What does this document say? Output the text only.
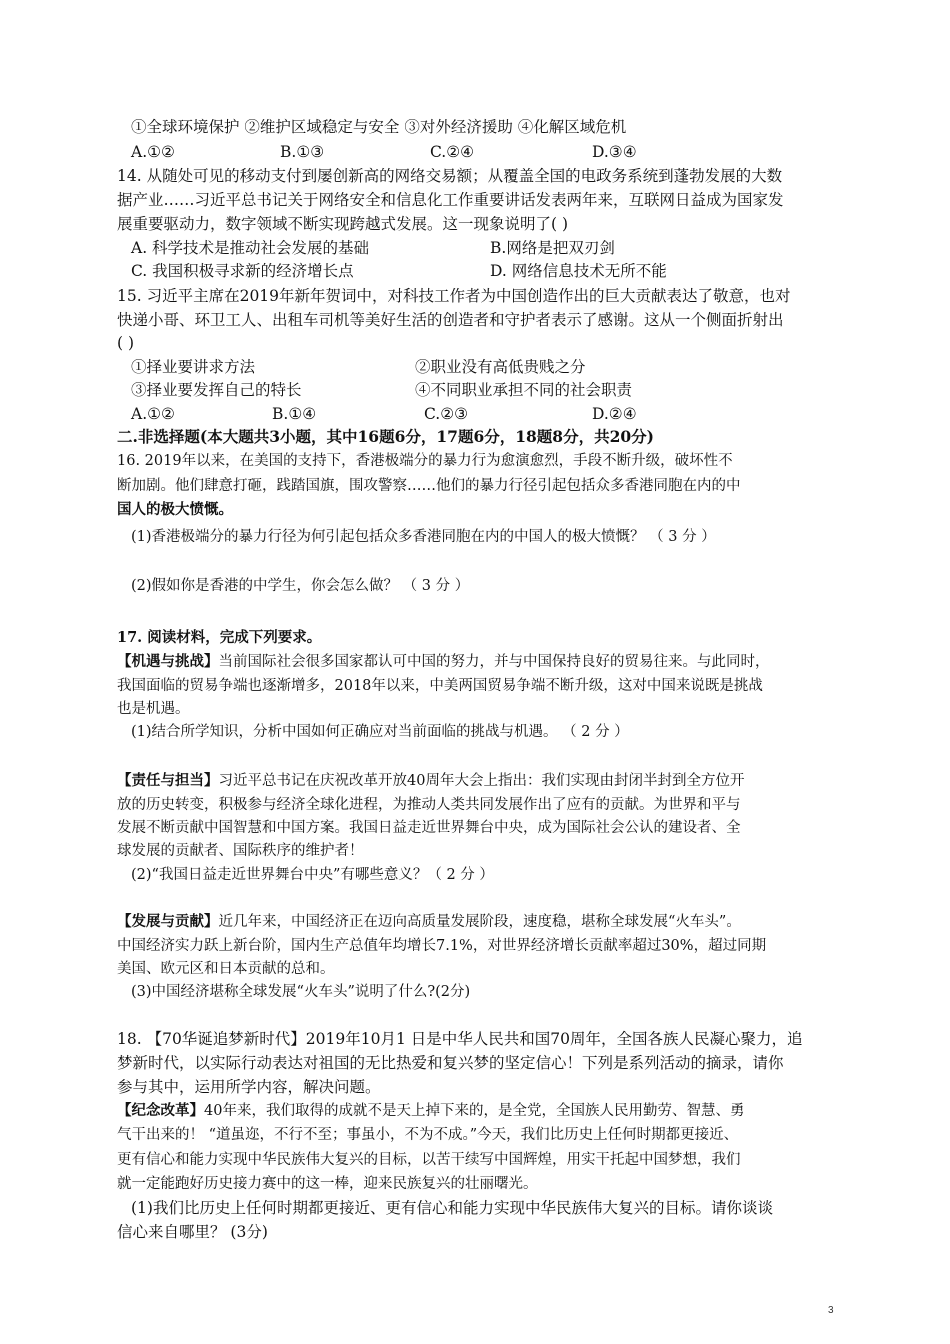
①全球环境保护 ②维护区域稳定与安全 ③对外经济援助 ④化解区域危机
A.①②	B.①③	C.②④	D.③④
14. 从随处可见的移动支付到屡创新高的网络交易额；从覆盖全国的电政务系统到蓬勃发展的大数
据产业……习近平总书记关于网络安全和信息化工作重要讲话发表两年来，互联网日益成为国家发
展重要驱动力，数字领域不断实现跨越式发展。这一现象说明了( )
A. 科学技术是推动社会发展的基础	B.网络是把双刃剑
C. 我国积极寻求新的经济增长点	D. 网络信息技术无所不能
15. 习近平主席在2019年新年贺词中，对科技工作者为中国创造作出的巨大贡献表达了敬意，也对
快递小哥、环卫工人、出租车司机等美好生活的创造者和守护者表示了感谢。这从一个侧面折射出
( )
①择业要讲求方法	②职业没有高低贵贱之分
③择业要发挥自己的特长	④不同职业承担不同的社会职责
A.①②	B.①④	C.②③	D.②④
二.非选择题(本大题共3小题，其中16题6分，17题6分，18题8分，共20分)
16. 2019年以来，在美国的支持下，香港极端分的暴力行为愈演愈烈，手段不断升级，破坏性不
断加剧。他们肆意打砸，践踏国旗，围攻警察……他们的暴力行径引起包括众多香港同胞在内的中
国人的极大愤慨。
(1)香港极端分的暴力行径为何引起包括众多香港同胞在内的中国人的极大愤慨？ （ 3 分 ）
(2)假如你是香港的中学生，你会怎么做？ （ 3 分 ）
17. 阅读材料，完成下列要求。
【机遇与挑战】当前国际社会很多国家都认可中国的努力，并与中国保持良好的贸易往来。与此同时，
我国面临的贸易争端也逐渐增多，2018年以来，中美两国贸易争端不断升级，这对中国来说既是挑战
也是机遇。
(1)结合所学知识，分析中国如何正确应对当前面临的挑战与机遇。 （ 2 分 ）
【责任与担当】习近平总书记在庆祝改革开放40周年大会上指出：我们实现由封闭半封到全方位开
放的历史转变，积极参与经济全球化进程，为推动人类共同发展作出了应有的贡献。为世界和平与
发展不断贡献中国智慧和中国方案。我国日益走近世界舞台中央，成为国际社会公认的建设者、全
球发展的贡献者、国际秩序的维护者！
(2)“我国日益走近世界舞台中央”有哪些意义？（ 2 分 ）
【发展与贡献】近几年来，中国经济正在迈向高质量发展阶段，速度稳，堪称全球发展“火车头”。
中国经济实力跃上新台阶，国内生产总值年均增长7.1%，对世界经济增长贡献率超过30%，超过同期
美国、欧元区和日本贡献的总和。
(3)中国经济堪称全球发展“火车头”说明了什么?(2分)
18. 【70华诞追梦新时代】2019年10月1 日是中华人民共和国70周年，全国各族人民凝心聚力，追
梦新时代，以实际行动表达对祖国的无比热爱和复兴梦的坚定信心！下列是系列活动的摘录，请你
参与其中，运用所学内容，解决问题。
【纪念改革】40年来，我们取得的成就不是天上掉下来的，是全党，全国族人民用勤劳、智慧、勇
气干出来的！ “道虽迩，不行不至；事虽小，不为不成。”今天，我们比历史上任何时期都更接近、
更有信心和能力实现中华民族伟大复兴的目标，以苦干续写中国辉煌，用实干托起中国梦想，我们
就一定能跑好历史接力赛中的这一棒，迎来民族复兴的壮丽曙光。
(1)我们比历史上任何时期都更接近、更有信心和能力实现中华民族伟大复兴的目标。请你谈谈
信心来自哪里？ (3分)
3
